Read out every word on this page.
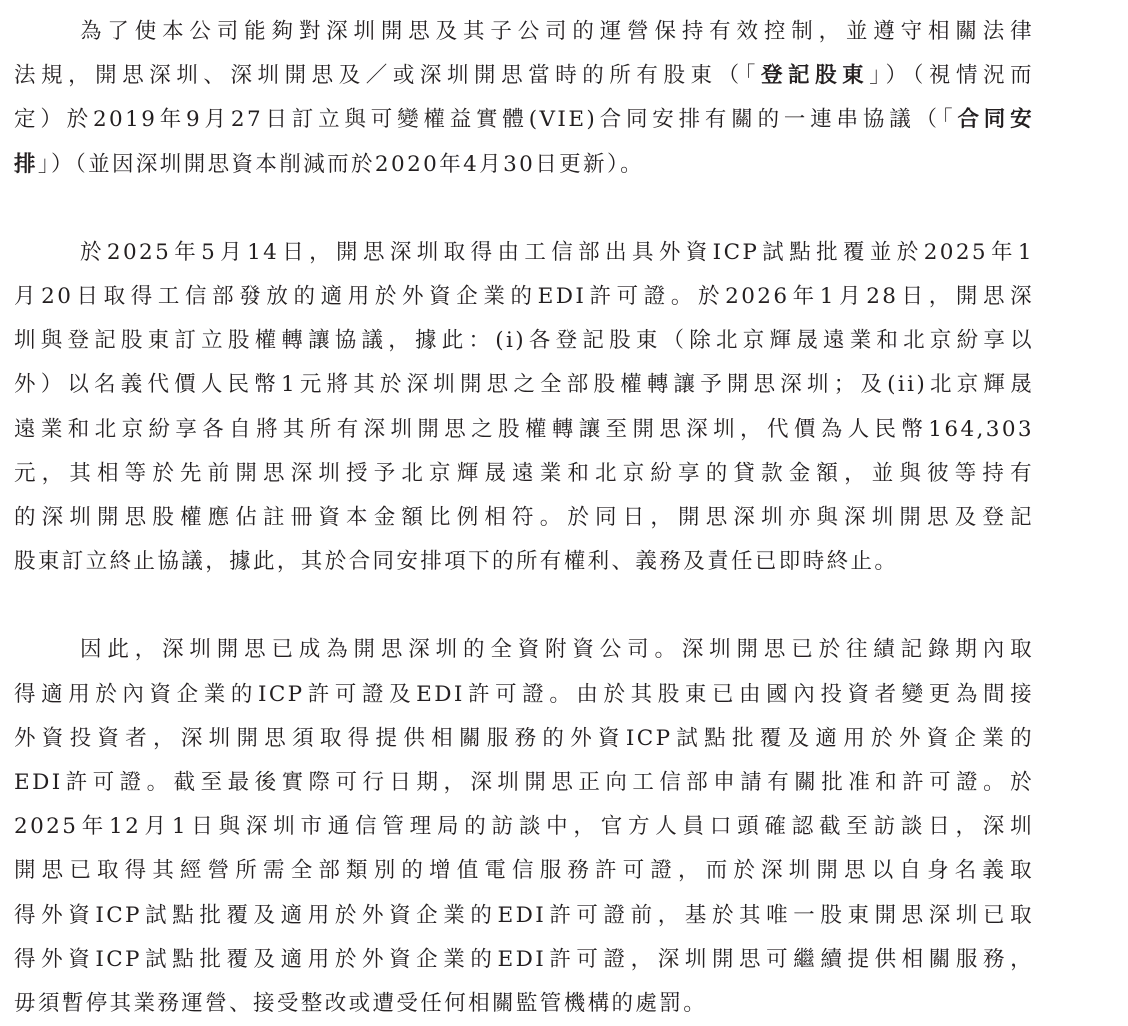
為了使本公司能夠對深圳開思及其子公司的運營保持有效控制，並遵守相關法律
法規，開思深圳、深圳開思及／或深圳開思當時的所有股東（「登記股東」）（視情況而
定）於2019年9月27日訂立與可變權益實體(VIE)合同安排有關的一連串協議（「合同安
排」）（並因深圳開思資本削減而於2020年4月30日更新）。
於2025年5月14日，開思深圳取得由工信部出具外資ICP試點批覆並於2025年1
月20日取得工信部發放的適用於外資企業的EDI許可證。於2026年1月28日，開思深
圳與登記股東訂立股權轉讓協議，據此：(i)各登記股東（除北京輝晟遠業和北京紛享以
外）以名義代價人民幣1元將其於深圳開思之全部股權轉讓予開思深圳；及(ii)北京輝晟
遠業和北京紛享各自將其所有深圳開思之股權轉讓至開思深圳，代價為人民幣164,303
元，其相等於先前開思深圳授予北京輝晟遠業和北京紛享的貸款金額，並與彼等持有
的深圳開思股權應佔註冊資本金額比例相符。於同日，開思深圳亦與深圳開思及登記
股東訂立終止協議，據此，其於合同安排項下的所有權利、義務及責任已即時終止。
因此，深圳開思已成為開思深圳的全資附資公司。深圳開思已於往績記錄期內取
得適用於內資企業的ICP許可證及EDI許可證。由於其股東已由國內投資者變更為間接
外資投資者，深圳開思須取得提供相關服務的外資ICP試點批覆及適用於外資企業的
EDI許可證。截至最後實際可行日期，深圳開思正向工信部申請有關批准和許可證。於
2025年12月1日與深圳市通信管理局的訪談中，官方人員口頭確認截至訪談日，深圳
開思已取得其經營所需全部類別的增值電信服務許可證，而於深圳開思以自身名義取
得外資ICP試點批覆及適用於外資企業的EDI許可證前，基於其唯一股東開思深圳已取
得外資ICP試點批覆及適用於外資企業的EDI許可證，深圳開思可繼續提供相關服務，
毋須暫停其業務運營、接受整改或遭受任何相關監管機構的處罰。
